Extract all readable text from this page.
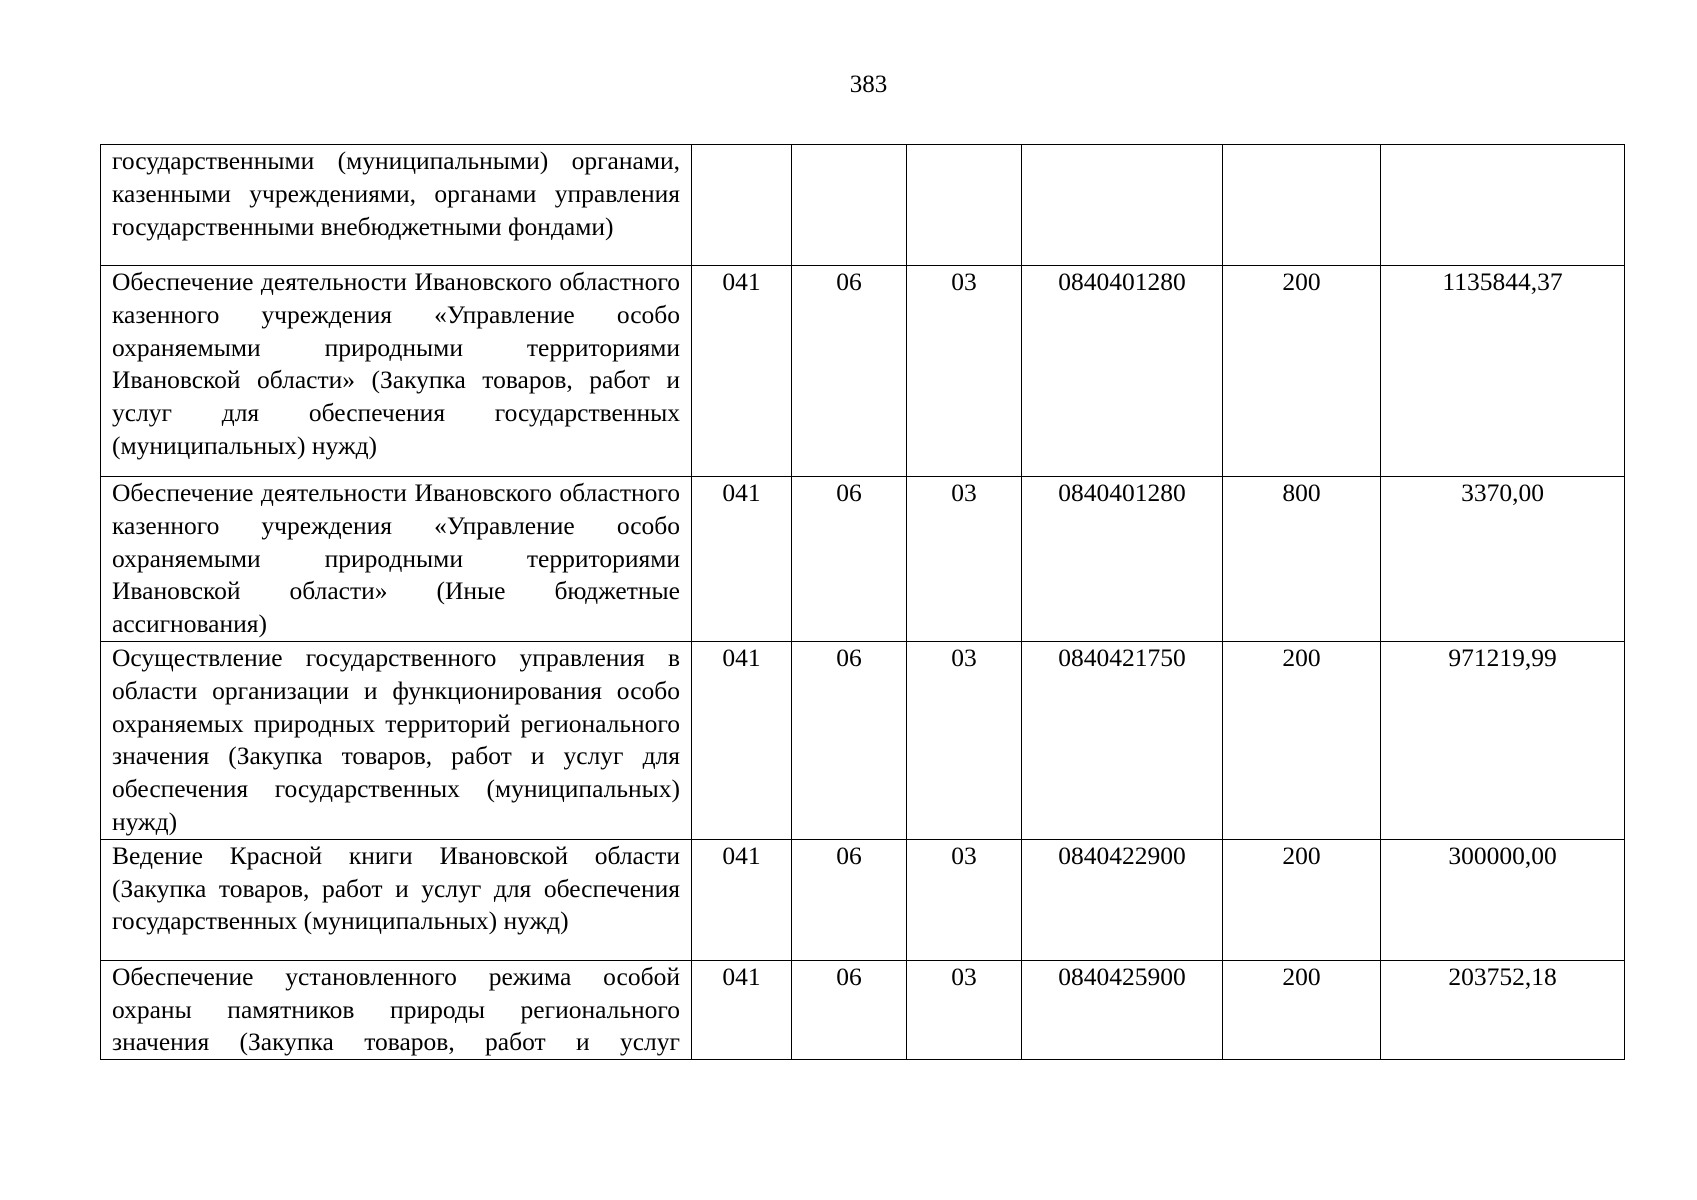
383
государственными (муниципальными) органами, казенными учреждениями, органами управления государственными внебюджетными фондами)						
Обеспечение деятельности Ивановского областного казенного учреждения «Управление особо охраняемыми природными территориями Ивановской области» (Закупка товаров, работ и услуг для обеспечения государственных (муниципальных) нужд)	041	06	03	0840401280	200	1135844,37
Обеспечение деятельности Ивановского областного казенного учреждения «Управление особо охраняемыми природными территориями Ивановской области» (Иные бюджетные ассигнования)	041	06	03	0840401280	800	3370,00
Осуществление государственного управления в области организации и функционирования особо охраняемых природных территорий регионального значения (Закупка товаров, работ и услуг для обеспечения государственных (муниципальных) нужд)	041	06	03	0840421750	200	971219,99
Ведение Красной книги Ивановской области (Закупка товаров, работ и услуг для обеспечения государственных (муниципальных) нужд)	041	06	03	0840422900	200	300000,00
Обеспечение установленного режима особой охраны памятников природы регионального значения (Закупка товаров, работ и услуг	041	06	03	0840425900	200	203752,18
